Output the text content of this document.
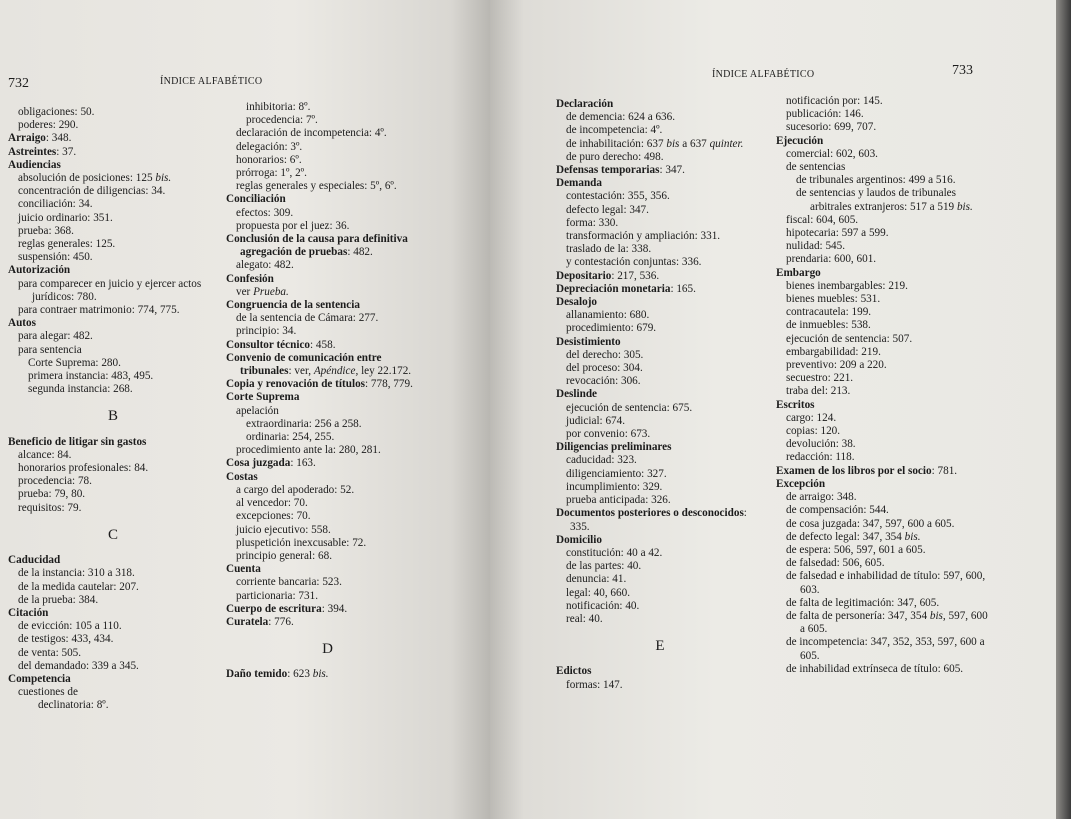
732	ÍNDICE ALFABÉTICO
obligaciones: 50.
poderes: 290.
Arraigo: 348.
Astreintes: 37.
Audiencias
absolución de posiciones: 125 bis.
concentración de diligencias: 34.
conciliación: 34.
juicio ordinario: 351.
prueba: 368.
reglas generales: 125.
suspensión: 450.
Autorización
para comparecer en juicio y ejercer actos jurídicos: 780.
para contraer matrimonio: 774, 775.
Autos
para alegar: 482.
para sentencia
Corte Suprema: 280.
primera instancia: 483, 495.
segunda instancia: 268.
B
Beneficio de litigar sin gastos
alcance: 84.
honorarios profesionales: 84.
procedencia: 78.
prueba: 79, 80.
requisitos: 79.
C
Caducidad
de la instancia: 310 a 318.
de la medida cautelar: 207.
de la prueba: 384.
Citación
de evicción: 105 a 110.
de testigos: 433, 434.
de venta: 505.
del demandado: 339 a 345.
Competencia
cuestiones de
declinatoria: 8º.
inhibitoria: 8º.
procedencia: 7º.
declaración de incompetencia: 4º.
delegación: 3º.
honorarios: 6º.
prórroga: 1º, 2º.
reglas generales y especiales: 5º, 6º.
Conciliación
efectos: 309.
propuesta por el juez: 36.
Conclusión de la causa para definitiva agregación de pruebas: 482.
alegato: 482.
Confesión
ver Prueba.
Congruencia de la sentencia
de la sentencia de Cámara: 277.
principio: 34.
Consultor técnico: 458.
Convenio de comunicación entre tribunales: ver, Apéndice, ley 22.172.
Copia y renovación de títulos: 778, 779.
Corte Suprema
apelación
extraordinaria: 256 a 258.
ordinaria: 254, 255.
procedimiento ante la: 280, 281.
Cosa juzgada: 163.
Costas
a cargo del apoderado: 52.
al vencedor: 70.
excepciones: 70.
juicio ejecutivo: 558.
pluspetición inexcusable: 72.
principio general: 68.
Cuenta
corriente bancaria: 523.
particionaria: 731.
Cuerpo de escritura: 394.
Curatela: 776.
D
Daño temido: 623 bis.
ÍNDICE ALFABÉTICO	733
Declaración
de demencia: 624 a 636.
de incompetencia: 4º.
de inhabilitación: 637 bis a 637 quinter.
de puro derecho: 498.
Defensas temporarias: 347.
Demanda
contestación: 355, 356.
defecto legal: 347.
forma: 330.
transformación y ampliación: 331.
traslado de la: 338.
y contestación conjuntas: 336.
Depositario: 217, 536.
Depreciación monetaria: 165.
Desalojo
allanamiento: 680.
procedimiento: 679.
Desistimiento
del derecho: 305.
del proceso: 304.
revocación: 306.
Deslinde
ejecución de sentencia: 675.
judicial: 674.
por convenio: 673.
Diligencias preliminares
caducidad: 323.
diligenciamiento: 327.
incumplimiento: 329.
prueba anticipada: 326.
Documentos posteriores o desconocidos: 335.
Domicilio
constitución: 40 a 42.
de las partes: 40.
denuncia: 41.
legal: 40, 660.
notificación: 40.
real: 40.
E
Edictos
formas: 147.
notificación por: 145.
publicación: 146.
sucesorio: 699, 707.
Ejecución
comercial: 602, 603.
de sentencias
de tribunales argentinos: 499 a 516.
de sentencias y laudos de tribunales arbitrales extranjeros: 517 a 519 bis.
fiscal: 604, 605.
hipotecaria: 597 a 599.
nulidad: 545.
prendaria: 600, 601.
Embargo
bienes inembargables: 219.
bienes muebles: 531.
contracautela: 199.
de inmuebles: 538.
ejecución de sentencia: 507.
embargabilidad: 219.
preventivo: 209 a 220.
secuestro: 221.
traba del: 213.
Escritos
cargo: 124.
copias: 120.
devolución: 38.
redacción: 118.
Examen de los libros por el socio: 781.
Excepción
de arraigo: 348.
de compensación: 544.
de cosa juzgada: 347, 597, 600 a 605.
de defecto legal: 347, 354 bis.
de espera: 506, 597, 601 a 605.
de falsedad: 506, 605.
de falsedad e inhabilidad de título: 597, 600, 603.
de falta de legitimación: 347, 605.
de falta de personería: 347, 354 bis, 597, 600 a 605.
de incompetencia: 347, 352, 353, 597, 600 a 605.
de inhabilidad extrínseca de título: 605.
